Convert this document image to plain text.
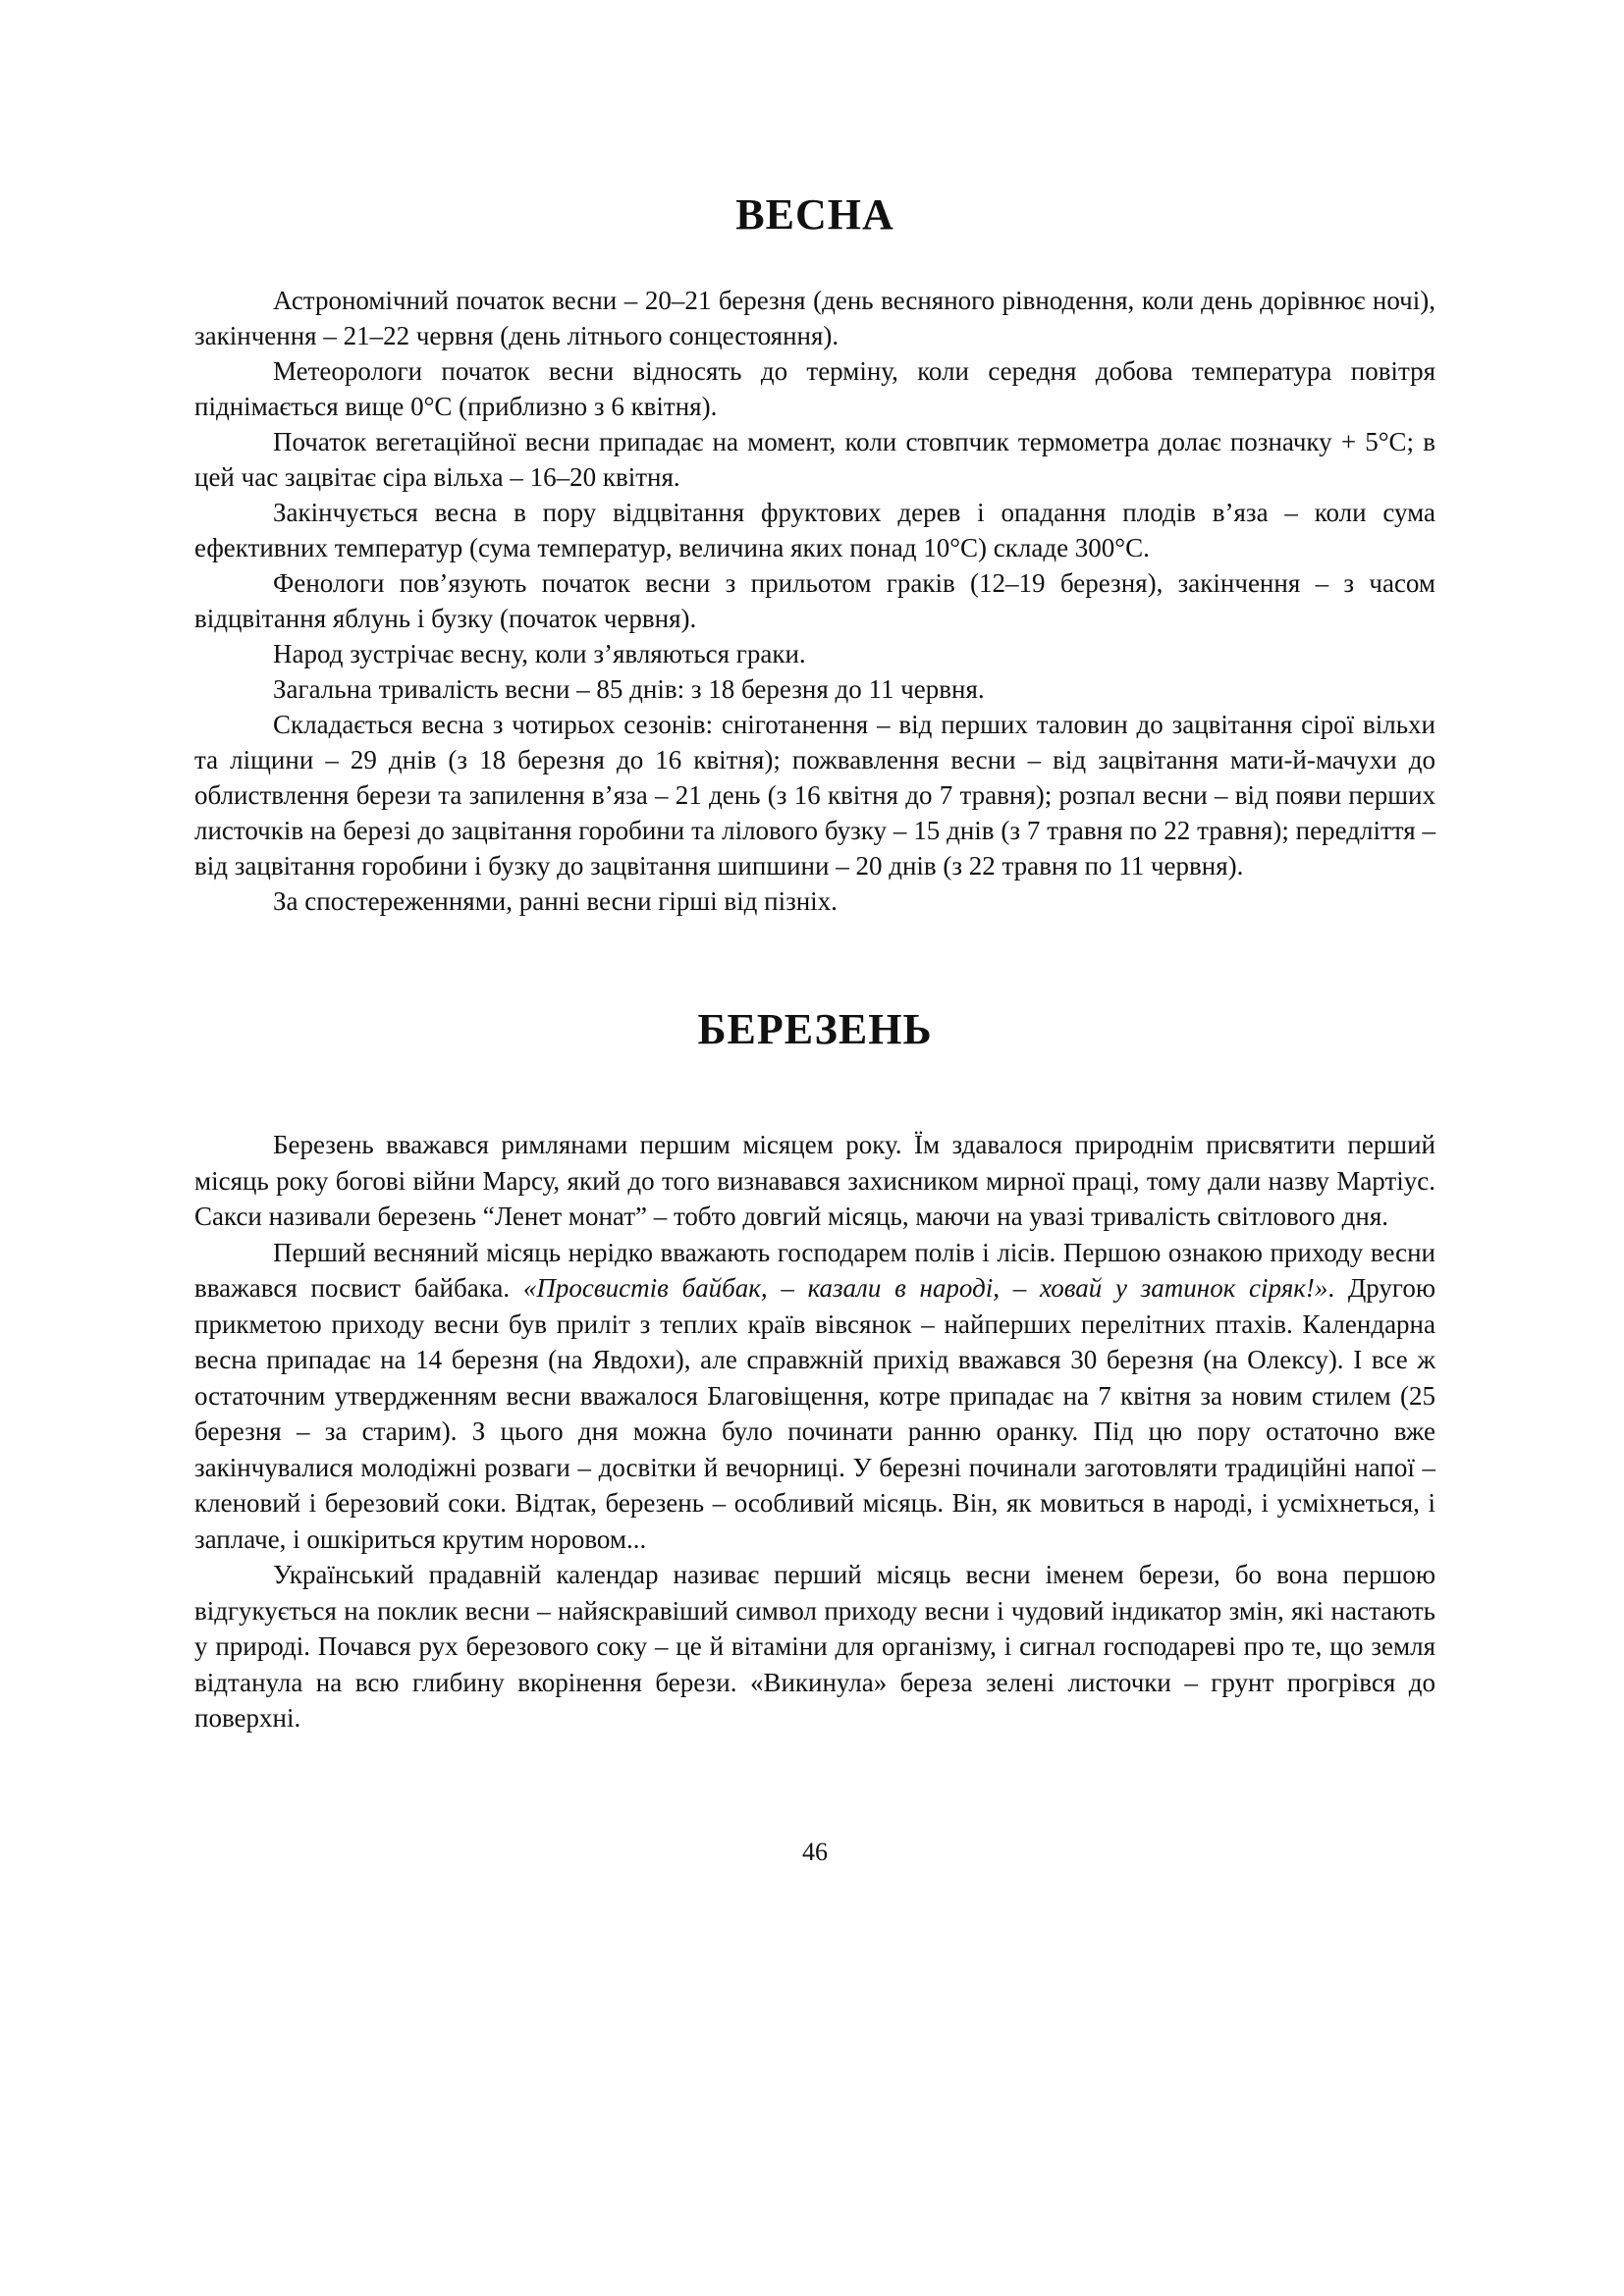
ВЕСНА

Астрономічний початок весни – 20–21 березня (день весняного рівнодення, коли день дорівнює ночі), закінчення – 21–22 червня (день літнього сонцестояння).

Метеорологи початок весни відносять до терміну, коли середня добова температура повітря піднімається вище 0°С (приблизно з 6 квітня).

Початок вегетаційної весни припадає на момент, коли стовпчик термометра долає позначку + 5°С; в цей час зацвітає сіра вільха – 16–20 квітня.

Закінчується весна в пору відцвітання фруктових дерев і опадання плодів в’яза – коли сума ефективних температур (сума температур, величина яких понад 10°С) складе 300°С.

Фенологи пов’язують початок весни з прильотом граків (12–19 березня), закінчення – з часом відцвітання яблунь і бузку (початок червня).

Народ зустрічає весну, коли з’являються граки.

Загальна тривалість весни – 85 днів: з 18 березня до 11 червня.

Складається весна з чотирьох сезонів: сніготанення – від перших таловин до зацвітання сірої вільхи та ліщини – 29 днів (з 18 березня до 16 квітня); пожвавлення весни – від зацвітання мати-й-мачухи до облиствлення берези та запилення в’яза – 21 день (з 16 квітня до 7 травня); розпал весни – від появи перших листочків на березі до зацвітання горобини та лілового бузку – 15 днів (з 7 травня по 22 травня); передліття – від зацвітання горобини і бузку до зацвітання шипшини – 20 днів (з 22 травня по 11 червня).

За спостереженнями, ранні весни гірші від пізніх.

БЕРЕЗЕНЬ

Березень вважався римлянами першим місяцем року. Їм здавалося природнім присвятити перший місяць року богові війни Марсу, який до того визнавався захисником мирної праці, тому дали назву Мартіус. Сакси називали березень “Ленет монат” – тобто довгий місяць, маючи на увазі тривалість світлового дня.

Перший весняний місяць нерідко вважають господарем полів і лісів. Першою ознакою приходу весни вважався посвист байбака. «Просвистів байбак, – казали в народі, – ховай у затинок сіряк!». Другою прикметою приходу весни був приліт з теплих країв вівсянок – найперших перелітних птахів. Календарна весна припадає на 14 березня (на Явдохи), але справжній прихід вважався 30 березня (на Олексу). І все ж остаточним утвердженням весни вважалося Благовіщення, котре припадає на 7 квітня за новим стилем (25 березня – за старим). З цього дня можна було починати ранню оранку. Під цю пору остаточно вже закінчувалися молодіжні розваги – досвітки й вечорниці. У березні починали заготовляти традиційні напої – кленовий і березовий соки. Відтак, березень – особливий місяць. Він, як мовиться в народі, і усміхнеться, і заплаче, і ошкіриться крутим норовом...

Український прадавній календар називає перший місяць весни іменем берези, бо вона першою відгукується на поклик весни – найяскравіший символ приходу весни і чудовий індикатор змін, які настають у природі. Почався рух березового соку – це й вітаміни для організму, і сигнал господареві про те, що земля відтанула на всю глибину вкорінення берези. «Викинула» береза зелені листочки – грунт прогрівся до поверхні.

46
